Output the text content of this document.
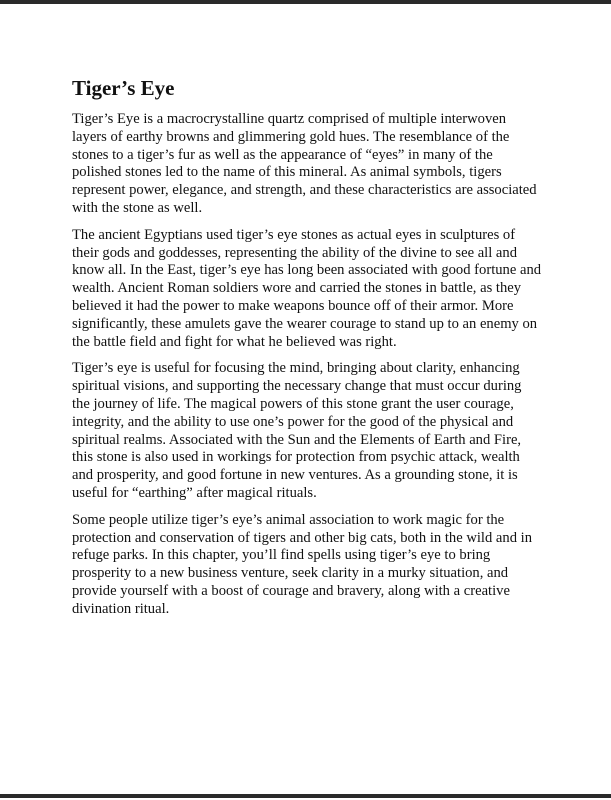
Tiger’s Eye

Tiger’s Eye is a macrocrystalline quartz comprised of multiple interwoven layers of earthy browns and glimmering gold hues. The resemblance of the stones to a tiger’s fur as well as the appearance of “eyes” in many of the polished stones led to the name of this mineral. As animal symbols, tigers represent power, elegance, and strength, and these characteristics are associated with the stone as well.

The ancient Egyptians used tiger’s eye stones as actual eyes in sculptures of their gods and goddesses, representing the ability of the divine to see all and know all. In the East, tiger’s eye has long been associated with good fortune and wealth. Ancient Roman soldiers wore and carried the stones in battle, as they believed it had the power to make weapons bounce off of their armor. More significantly, these amulets gave the wearer courage to stand up to an enemy on the battle field and fight for what he believed was right.

Tiger’s eye is useful for focusing the mind, bringing about clarity, enhancing spiritual visions, and supporting the necessary change that must occur during the journey of life. The magical powers of this stone grant the user courage, integrity, and the ability to use one’s power for the good of the physical and spiritual realms. Associated with the Sun and the Elements of Earth and Fire, this stone is also used in workings for protection from psychic attack, wealth and prosperity, and good fortune in new ventures. As a grounding stone, it is useful for “earthing” after magical rituals.

Some people utilize tiger’s eye’s animal association to work magic for the protection and conservation of tigers and other big cats, both in the wild and in refuge parks. In this chapter, you’ll find spells using tiger’s eye to bring prosperity to a new business venture, seek clarity in a murky situation, and provide yourself with a boost of courage and bravery, along with a creative divination ritual.
